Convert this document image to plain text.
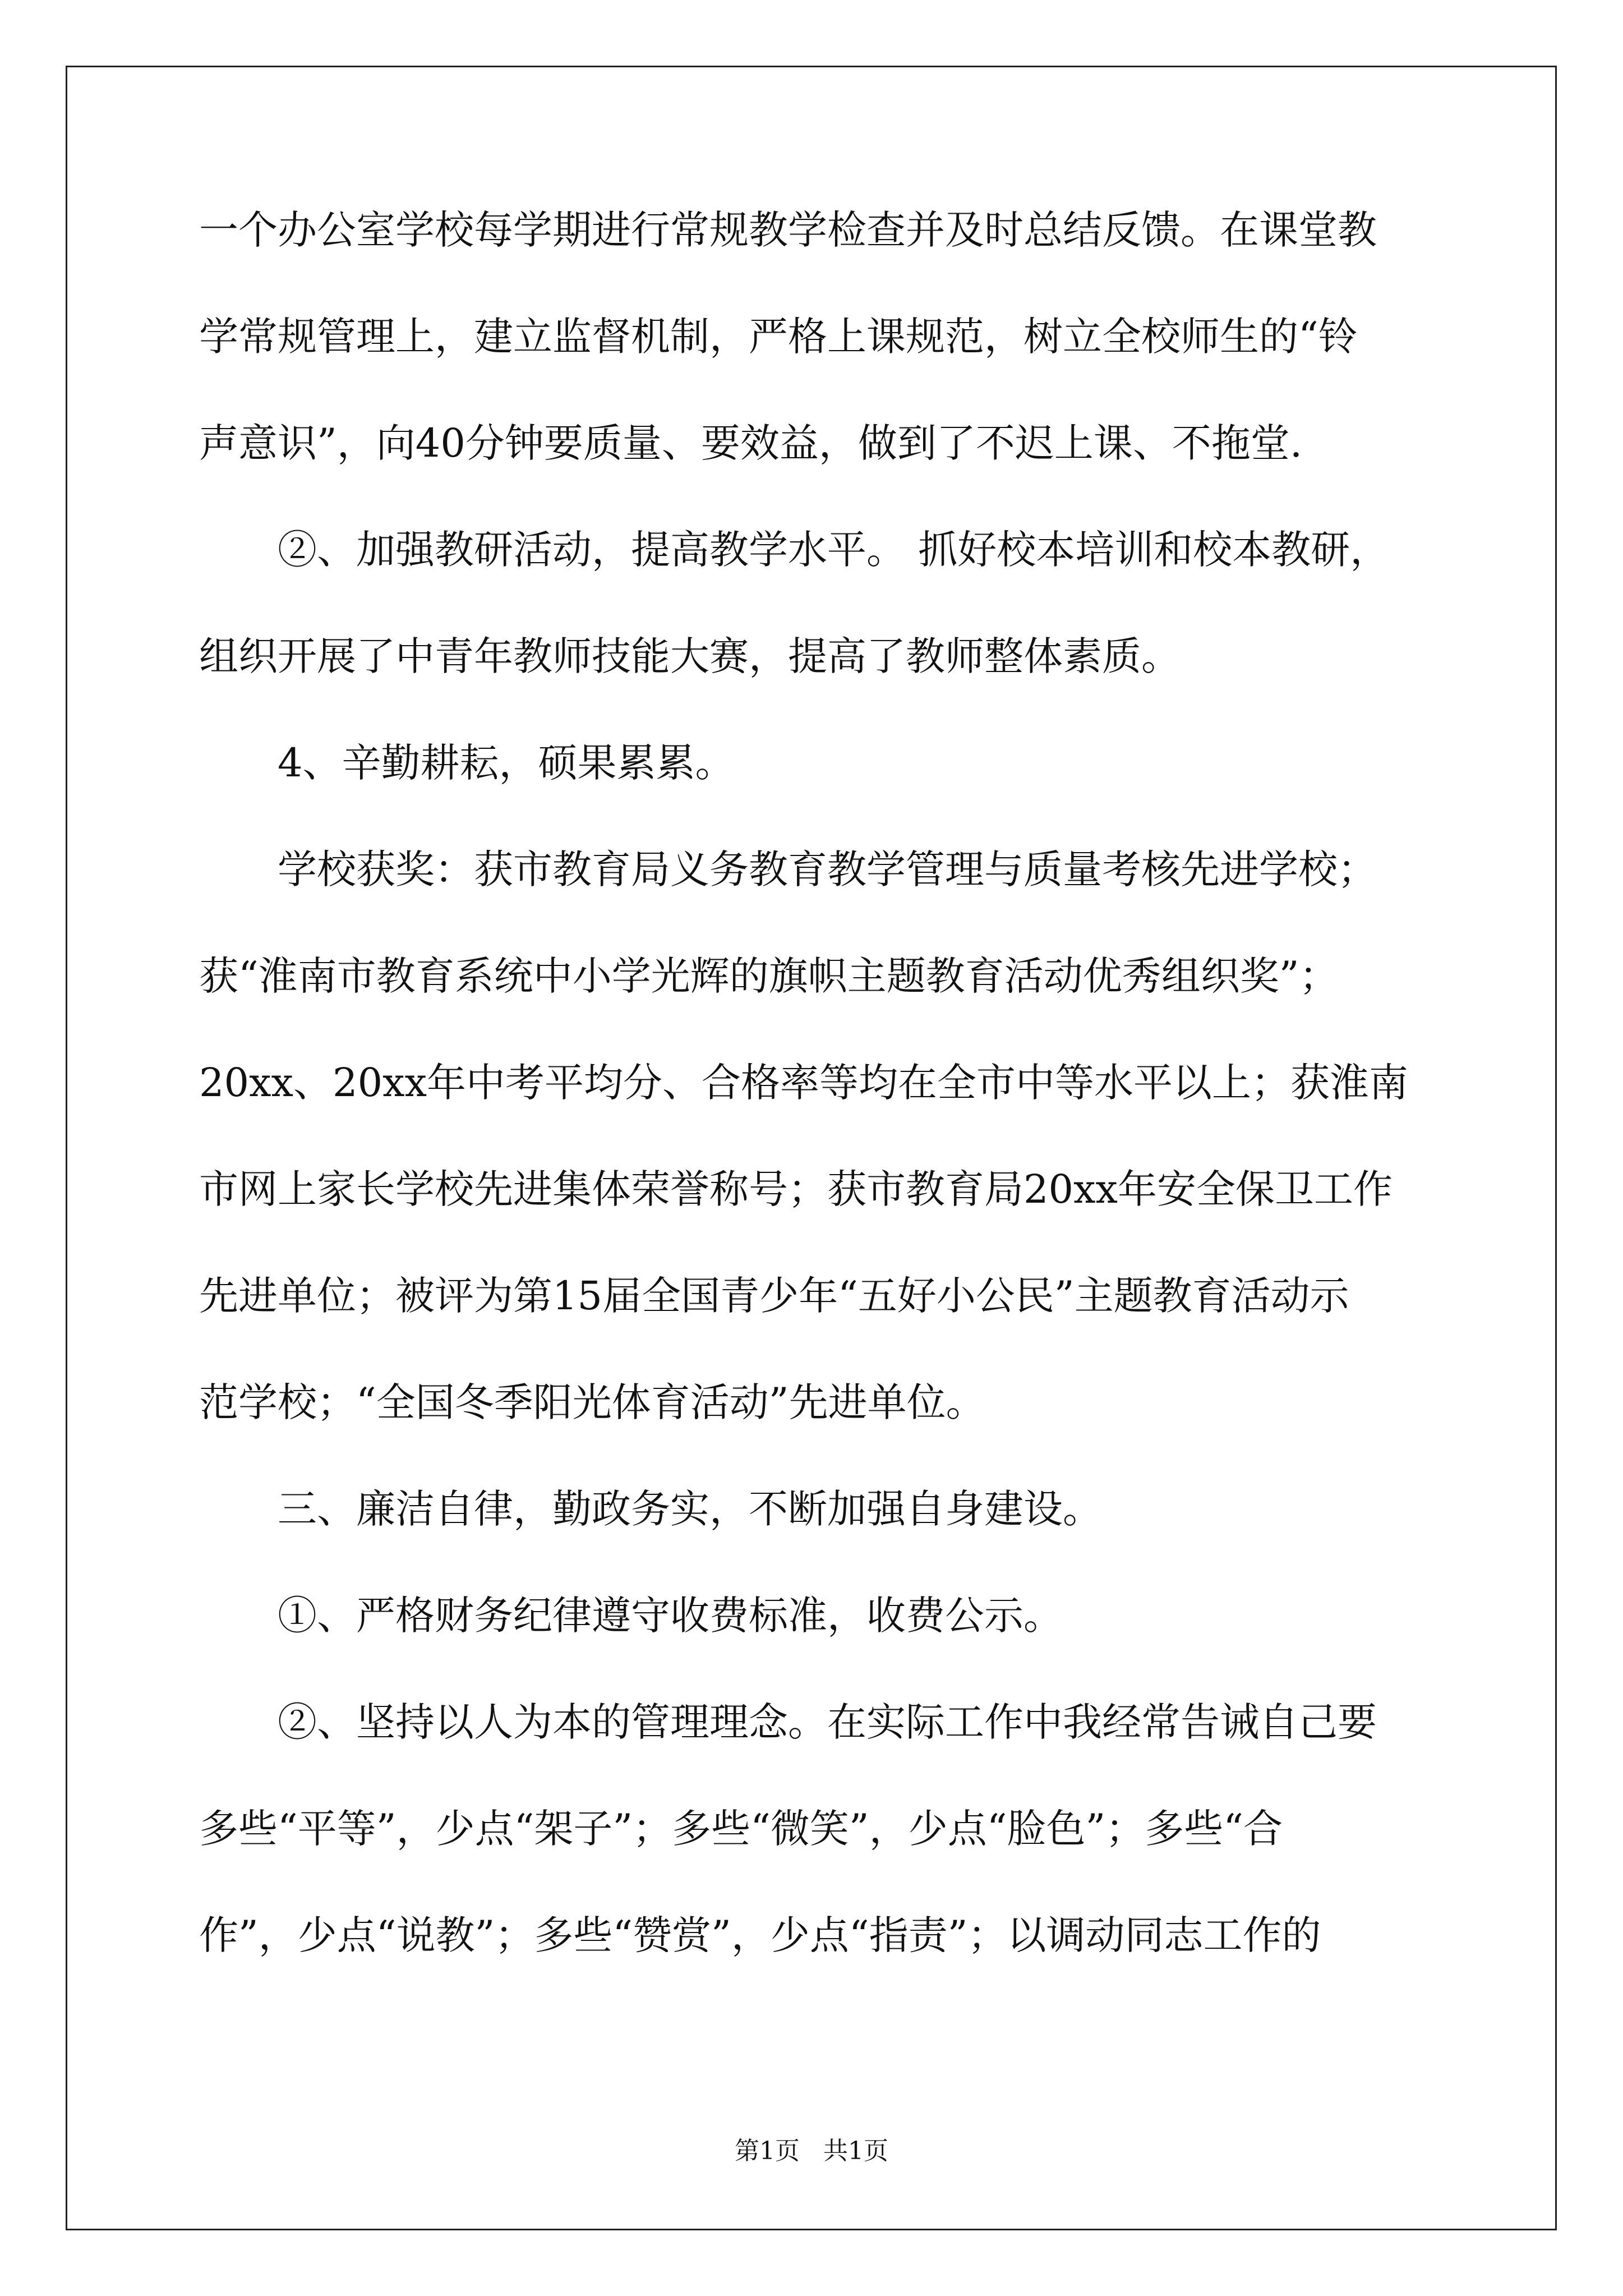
一个办公室学校每学期进行常规教学检查并及时总结反馈。在课堂教
学常规管理上，建立监督机制，严格上课规范，树立全校师生的“铃
声意识”，向40分钟要质量、要效益，做到了不迟上课、不拖堂.
　　②、加强教研活动，提高教学水平。 抓好校本培训和校本教研，
组织开展了中青年教师技能大赛，提高了教师整体素质。
　　4、辛勤耕耘，硕果累累。
　　学校获奖：获市教育局义务教育教学管理与质量考核先进学校；
获“淮南市教育系统中小学光辉的旗帜主题教育活动优秀组织奖”；
20xx、20xx年中考平均分、合格率等均在全市中等水平以上；获淮南
市网上家长学校先进集体荣誉称号；获市教育局20xx年安全保卫工作
先进单位；被评为第15届全国青少年“五好小公民”主题教育活动示
范学校；“全国冬季阳光体育活动”先进单位。
　　三、廉洁自律，勤政务实，不断加强自身建设。
　　①、严格财务纪律遵守收费标准，收费公示。
　　②、坚持以人为本的管理理念。在实际工作中我经常告诫自己要
多些“平等”，少点“架子”；多些“微笑”，少点“脸色”；多些“合
作”，少点“说教”；多些“赞赏”，少点“指责”；以调动同志工作的
第1页   共1页
